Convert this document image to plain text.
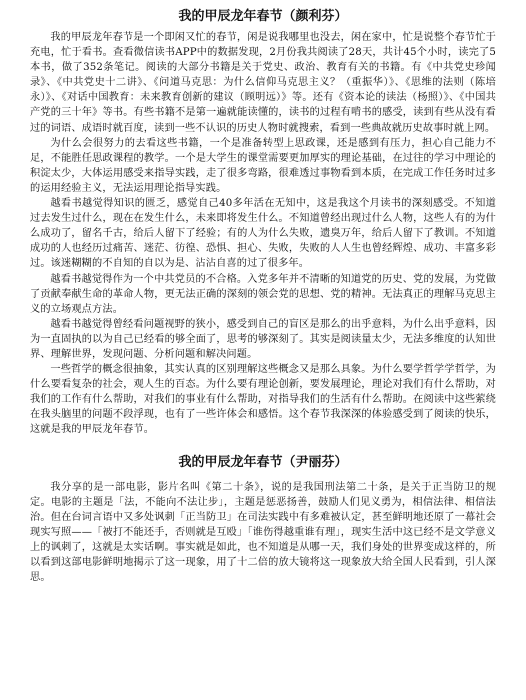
我的甲辰龙年春节（颜利芬）

我的甲辰龙年春节是一个即闲又忙的春节，闲是说我哪里也没去，闲在家中，忙是说整个春节忙于充电，忙于看书。查看微信读书APP中的数据发现，2月份我共阅读了28天，共计45个小时，读完了5本书，做了352条笔记。阅读的大部分书籍是关于党史、政治、教育有关的书籍。有《中共党史珍闻录》、《中共党史十二讲》、《问道马克思：为什么信仰马克思主义？（重振华）》、《思维的法则（陈培永）》、《对话中国教育：未来教育创新的建议（顾明远）》等。还有《资本论的读法（杨照）》、《中国共产党的三十年》等书。有些书籍不是第一遍就能读懂的，读书的过程有啃书的感受，读到有些从没有看过的词语、成语时就百度，读到一些不认识的历史人物时就搜索，看到一些典故就历史故事时就上网。

为什么会很努力的去看这些书籍，一个是准备转型上思政课，还是感到有压力，担心自己能力不足，不能胜任思政课程的教学。一个是大学生的课堂需要更加厚实的理论基础，在过往的学习中理论的积淀太少，大体运用感受来指导实践，走了很多弯路，很难透过事物看到本质，在完成工作任务时过多的运用经验主义，无法运用理论指导实践。

越看书越觉得知识的匮乏，感觉自己40多年活在无知中，这是我这个月读书的深刻感受。不知道过去发生过什么，现在在发生什么，未来即将发生什么。不知道曾经出现过什么人物，这些人有的为什么成功了，留名千古，给后人留下了经验；有的人为什么失败，遗臭万年，给后人留下了教训。不知道成功的人也经历过痛苦、迷茫、彷徨、恐惧、担心、失败，失败的人人生也曾经辉煌、成功、丰富多彩过。该迷糊糊的不自知的自以为是、沾沾自喜的过了很多年。

越看书越觉得作为一个中共党员的不合格。入党多年并不清晰的知道党的历史、党的发展，为党做了贡献奉献生命的革命人物，更无法正确的深刻的领会党的思想、党的精神。无法真正的理解马克思主义的立场观点方法。

越看书越觉得曾经看问题视野的狭小，感受到自己的盲区是那么的出乎意料，为什么出乎意料，因为一直固执的以为自己已经看的够全面了，思考的够深刻了。其实是阅读量太少，无法多维度的认知世界、理解世界，发现问题、分析问题和解决问题。

一些哲学的概念很抽象，其实认真的区别理解这些概念又是那么具象。为什么要学哲学学哲学，为什么要看复杂的社会，观人生的百态。为什么要有理论创新，要发展理论，理论对我们有什么帮助，对我们的工作有什么帮助，对我们的事业有什么帮助，对指导我们的生活有什么帮助。在阅读中这些萦绕在我头脑里的问题不段浮现，也有了一些许体会和感悟。这个春节我深深的体验感受到了阅读的快乐，这就是我的甲辰龙年春节。

我的甲辰龙年春节（尹丽芬）

我分享的是一部电影，影片名叫《第二十条》，说的是我国刑法第二十条，是关于正当防卫的规定。电影的主题是「法，不能向不法让步」，主题是惩恶扬善，鼓励人们见义勇为，相信法律、相信法治。但在台词言语中又多处讽刺「正当防卫」在司法实践中有多难被认定，甚至鲜明地还原了一幕社会现实写照——「被打不能还手，否则就是互殴」「谁伤得越重谁有理」，现实生活中这已经不是文学意义上的讽刺了，这就是太实话啊。事实就是如此，也不知道是从哪一天，我们身处的世界变成这样的，所以看到这部电影鲜明地揭示了这一现象，用了十二倍的放大镜将这一现象放大给全国人民看到，引人深思。
